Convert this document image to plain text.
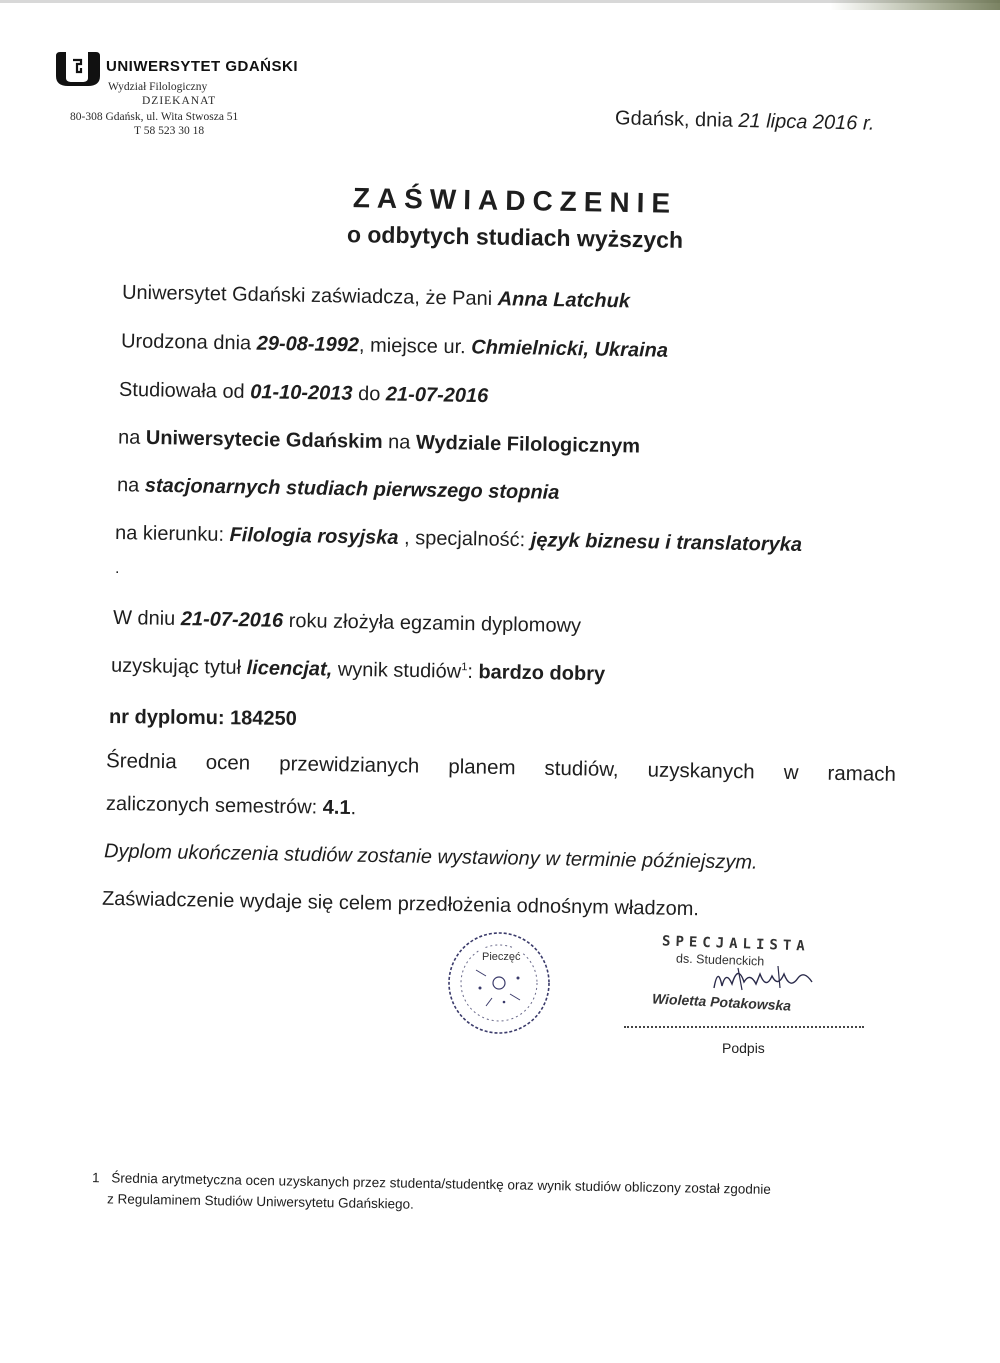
UNIWERSYTET GDAŃSKI
Wydział Filologiczny
DZIEKANAT
80-308 Gdańsk, ul. Wita Stwosza 51
T 58 523 30 18	Gdańsk, dnia 21 lipca 2016 r.
ZAŚWIADCZENIE
o odbytych studiach wyższych
Uniwersytet Gdański zaświadcza, że Pani Anna Latchuk
Urodzona dnia 29-08-1992, miejsce ur. Chmielnicki, Ukraina
Studiowała od 01-10-2013 do 21-07-2016
na Uniwersytecie Gdańskim na Wydziale Filologicznym
na stacjonarnych studiach pierwszego stopnia
na kierunku: Filologia rosyjska , specjalność: język biznesu i translatoryka
.
W dniu 21-07-2016 roku złożyła egzamin dyplomowy
uzyskując tytuł licencjat, wynik studiów$^1$: bardzo dobry
nr dyplomu: 184250
Średnia ocen przewidzianych planem studiów, uzyskanych w ramach
zaliczonych semestrów: 4.1.
Dyplom ukończenia studiów zostanie wystawiony w terminie późniejszym.
Zaświadczenie wydaje się celem przedłożenia odnośnym władzom.
Pieczęć
SPECJALISTA
ds. Studenckich
Wioletta Potakowska
Podpis
1 Średnia arytmetyczna ocen uzyskanych przez studenta/studentkę oraz wynik studiów obliczony został zgodnie
z Regulaminem Studiów Uniwersytetu Gdańskiego.
